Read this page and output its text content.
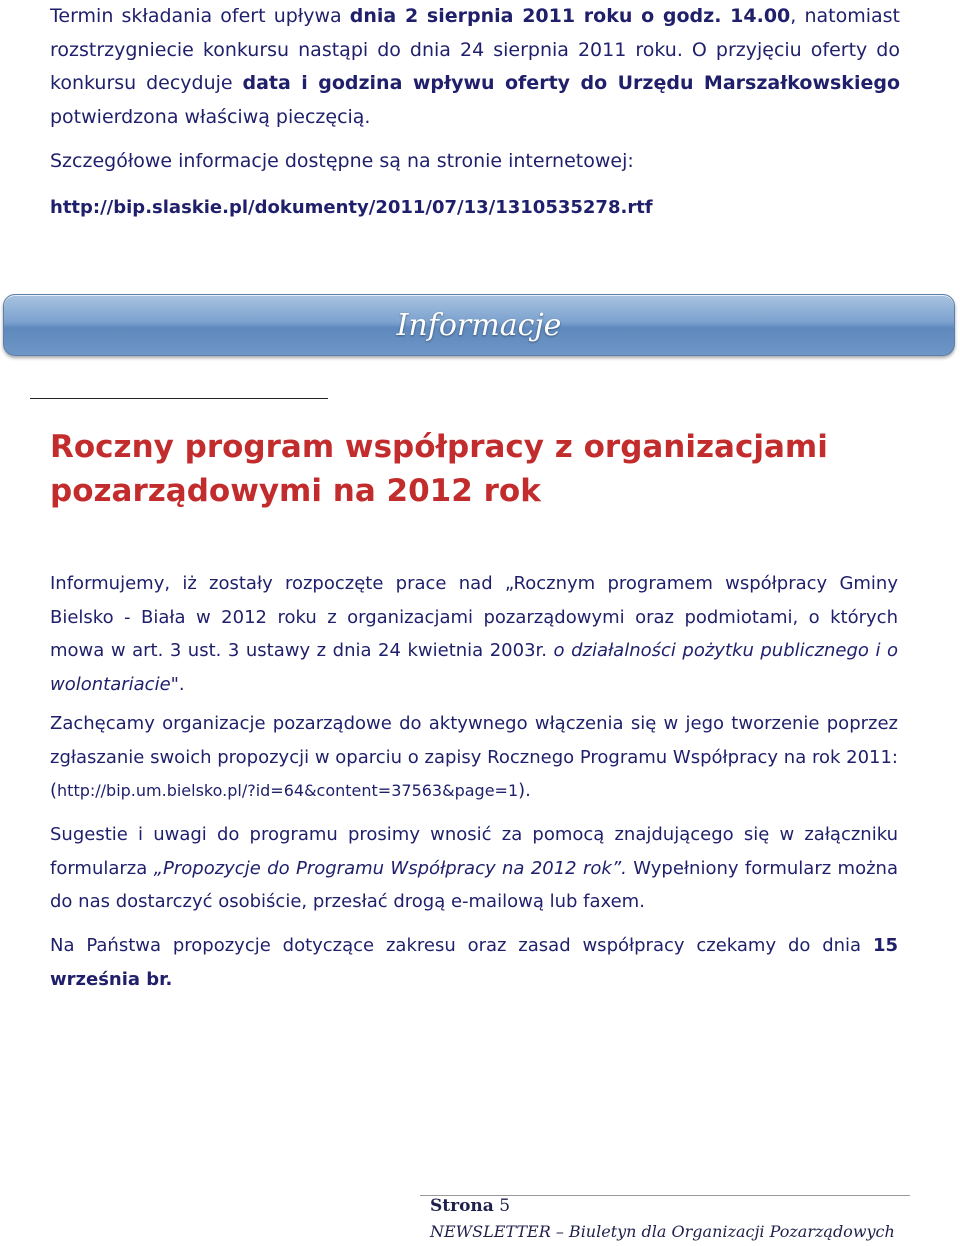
Termin składania ofert upływa dnia 2 sierpnia 2011 roku o godz. 14.00, natomiast rozstrzygniecie konkursu nastąpi do dnia 24 sierpnia 2011 roku. O przyjęciu oferty do konkursu decyduje data i godzina wpływu oferty do Urzędu Marszałkowskiego potwierdzona właściwą pieczęcią.
Szczegółowe informacje dostępne są na stronie internetowej:
http://bip.slaskie.pl/dokumenty/2011/07/13/1310535278.rtf
Informacje
Roczny program współpracy z organizacjami pozarządowymi na 2012 rok
Informujemy, iż zostały rozpoczęte prace nad „Rocznym programem współpracy Gminy Bielsko - Biała w 2012 roku z organizacjami pozarządowymi oraz podmiotami, o których mowa w art. 3 ust. 3 ustawy z dnia 24 kwietnia 2003r. o działalności pożytku publicznego i o wolontariacie".
Zachęcamy organizacje pozarządowe do aktywnego włączenia się w jego tworzenie poprzez zgłaszanie swoich propozycji w oparciu o zapisy Rocznego Programu Współpracy na rok 2011: (http://bip.um.bielsko.pl/?id=64&content=37563&page=1).
Sugestie i uwagi do programu prosimy wnosić za pomocą znajdującego się w załączniku formularza „Propozycje do Programu Współpracy na 2012 rok”. Wypełniony formularz można do nas dostarczyć osobiście, przesłać drogą e-mailową lub faxem.
Na Państwa propozycje dotyczące zakresu oraz zasad współpracy czekamy do dnia 15 września br.
Strona 5
NEWSLETTER – Biuletyn dla Organizacji Pozarządowych
